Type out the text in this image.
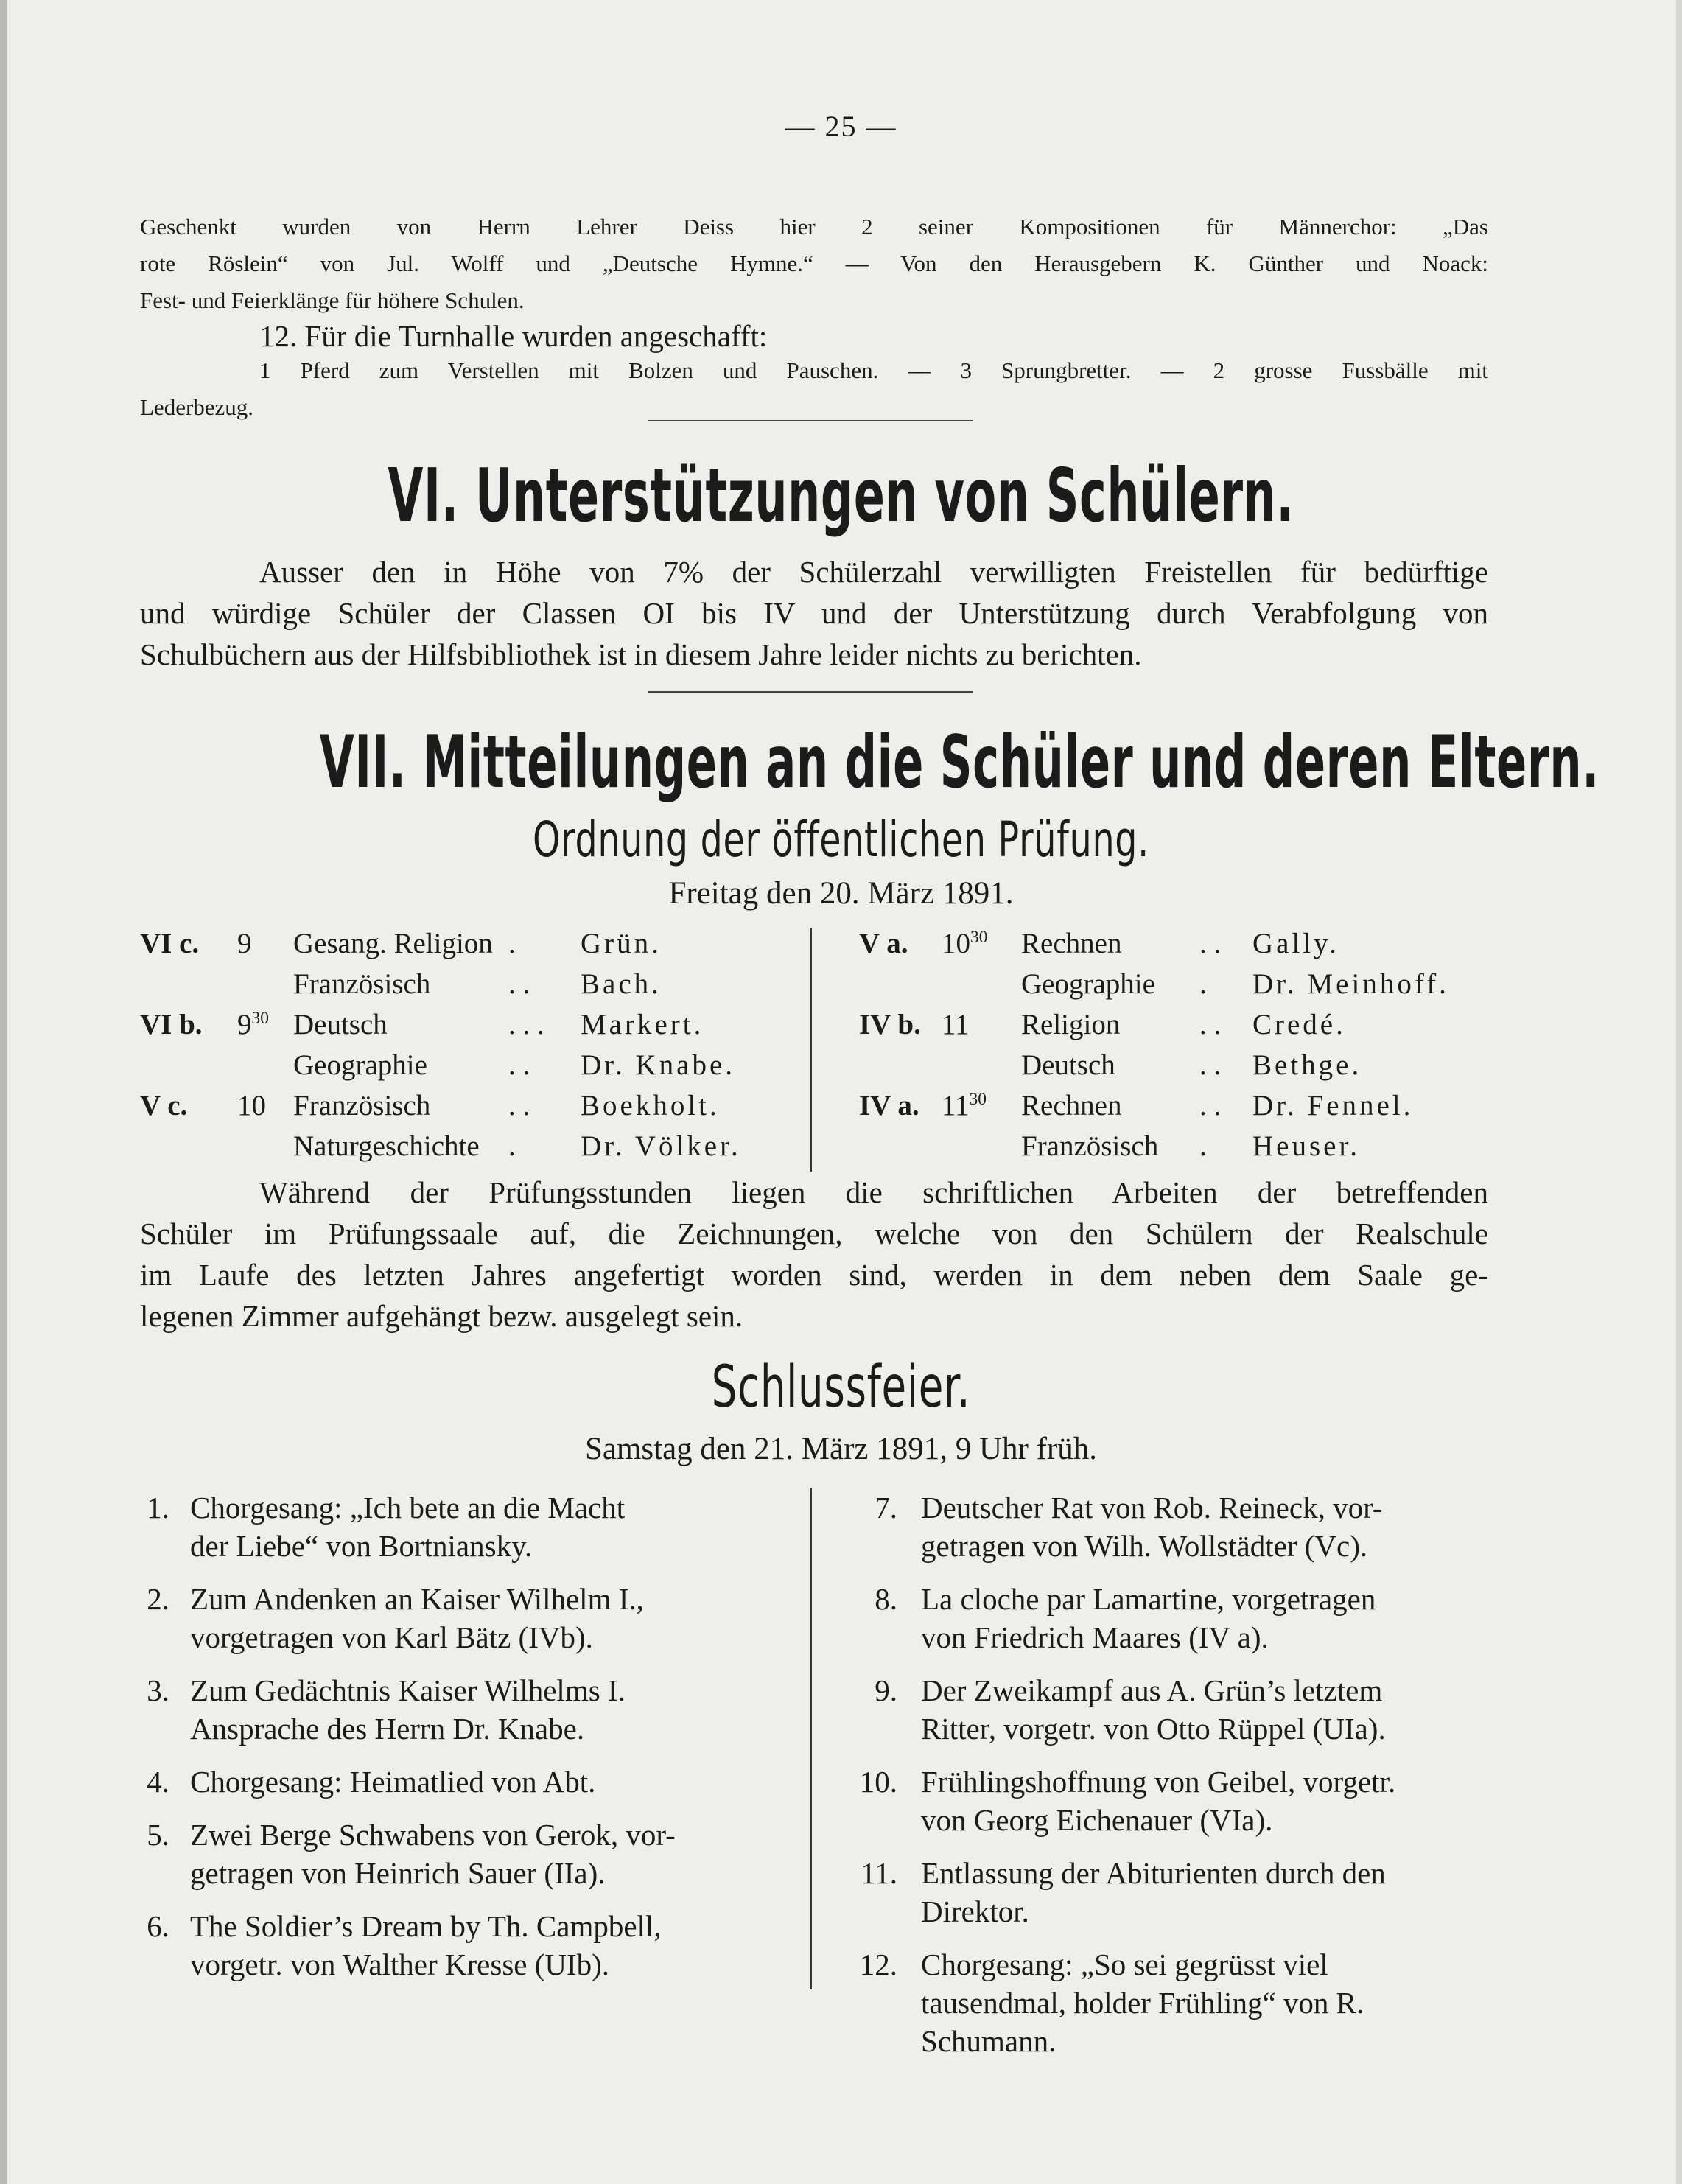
— 25 —
Geschenkt wurden von Herrn Lehrer Deiss hier 2 seiner Kompositionen für Männerchor: „Das
rote Röslein“ von Jul. Wolff und „Deutsche Hymne.“ — Von den Herausgebern K. Günther und Noack:
Fest- und Feierklänge für höhere Schulen.
12. Für die Turnhalle wurden angeschafft:
1 Pferd zum Verstellen mit Bolzen und Pauschen. — 3 Sprungbretter. — 2 grosse Fussbälle mit
Lederbezug.
VI. Unterstützungen von Schülern.
Ausser den in Höhe von 7% der Schülerzahl verwilligten Freistellen für bedürftige
und würdige Schüler der Classen OI bis IV und der Unterstützung durch Verabfolgung von
Schulbüchern aus der Hilfsbibliothek ist in diesem Jahre leider nichts zu berichten.
VII. Mitteilungen an die Schüler und deren Eltern.
Ordnung der öffentlichen Prüfung.
Freitag den 20. März 1891.
VI c. 9 Gesang. Religion . Grün.
Französisch	. . Bach.
VI b. $9^{30}$ Deutsch	. . . Markert.
Geographie	. . Dr. Knabe.
V c. 10 Französisch	. . Boekholt.
Naturgeschichte . Dr. Völker.
V a. $10^{30}$ Rechnen	. . Gally.
Geographie . Dr. Meinhoff.
IV b. 11 Religion	. . Credé.
Deutsch	. . Bethge.
IV a. $11^{30}$ Rechnen	. . Dr. Fennel.
Französisch . Heuser.
Während der Prüfungsstunden liegen die schriftlichen Arbeiten der betreffenden
Schüler im Prüfungssaale auf, die Zeichnungen, welche von den Schülern der Realschule
im Laufe des letzten Jahres angefertigt worden sind, werden in dem neben dem Saale ge-
legenen Zimmer aufgehängt bezw. ausgelegt sein.
Schlussfeier.
Samstag den 21. März 1891, 9 Uhr früh.
1. Chorgesang: „Ich bete an die Macht
der Liebe“ von Bortniansky.
2. Zum Andenken an Kaiser Wilhelm I.,
vorgetragen von Karl Bätz (IVb).
3. Zum Gedächtnis Kaiser Wilhelms I.
Ansprache des Herrn Dr. Knabe.
4. Chorgesang: Heimatlied von Abt.
5. Zwei Berge Schwabens von Gerok, vor-
getragen von Heinrich Sauer (IIa).
6. The Soldier’s Dream by Th. Campbell,
vorgetr. von Walther Kresse (UIb).
7. Deutscher Rat von Rob. Reineck, vor-
getragen von Wilh. Wollstädter (Vc).
8. La cloche par Lamartine, vorgetragen
von Friedrich Maares (IV a).
9. Der Zweikampf aus A. Grün’s letztem
Ritter, vorgetr. von Otto Rüppel (UIa).
10. Frühlingshoffnung von Geibel, vorgetr.
von Georg Eichenauer (VIa).
11. Entlassung der Abiturienten durch den
Direktor.
12. Chorgesang: „So sei gegrüsst viel
tausendmal, holder Frühling“ von R.
Schumann.
